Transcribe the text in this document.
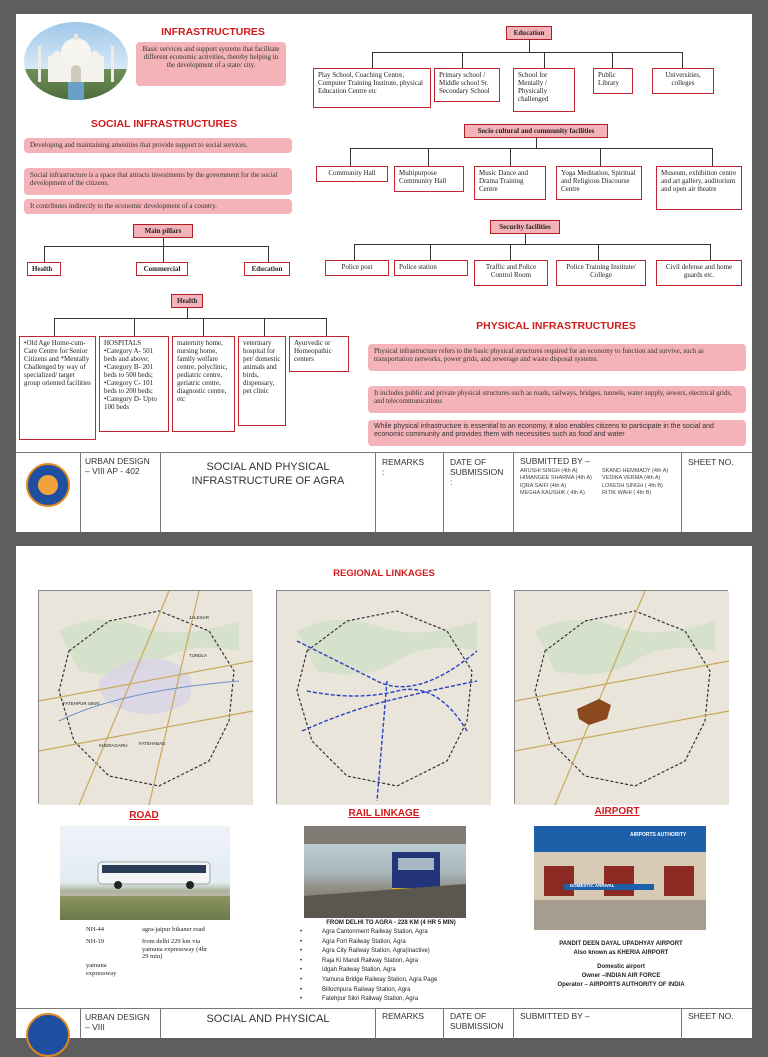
INFRASTRUCTURES
Basic services and support systems that facilitate different economic activities, thereby helping in the development of a state/ city.
SOCIAL INFRASTRUCTURES
Developing and maintaining amenities that provide support to social services.
Social infrastructure is a space that attracts investments by the government for the social development of the citizens.
It contributes indirectly to the economic development of a country.
Main pillars
Health	Commercial	Education
Health
•Old Age Home-cum-Care Centre for Senior Citizens and *Mentally Challenged by way of specialized/ target group oriented facilities
HOSPITALS
•Category A- 501 beds and above;
•Category B- 201 beds to 500 beds;
•Category C- 101 beds to 200 beds;
•Category D- Upto 100 beds
maternity home, nursing home, family welfare centre, polyclinic, pediatric centre, geriatric centre, diagnostic centre, etc
veterinary hospital for pet/ domestic animals and birds, dispensary, pet clinic
Ayurvedic or Homeopathic centers
Education
Play School, Coaching Centre, Computer Training Institute, physical Education Centre etc
Primary school / Middle school Sr. Secondary School
School for Mentally / Physically challenged
Public Library
Universities, colleges
Socio cultural and community facilities
Community Hall	Multipurpose Community Hall
Music Dance and Drama Training Centre
Yoga Meditation, Spiritual and Religious Discourse Centre
Museum, exhibition centre and art gallery, auditorium and open air theatre
Security facilities
Police post	Police station	Traffic and Police Control Room
Police Training Institute/ College
Civil defense and home guards etc.
PHYSICAL INFRASTRUCTURES
Physical infrastructure refers to the basic physical structures required for an economy to function and survive, such as transportation networks, power grids, and sewerage and waste disposal systems.
It includes public and private physical structures such as roads, railways, bridges, tunnels, water supply, sewers, electrical grids, and telecommunications
While physical infrastructure is essential to an economy, it also enables citizens to participate in the social and economic community and provides them with necessities such as food and water
URBAN DESIGN – VIII AP - 402	SOCIAL AND PHYSICAL INFRASTRUCTURE OF AGRA
REMARKS
:
DATE OF SUBMISSION
:
SUBMITTED BY –
ARUSHI SINGH (4th A)	SKAND HEMMADY (4th A)
HIMANGEE SHARMA (4th A)	VEDIKA VERMA (4th A)
IQRA SAIFI (4th A)	LOKESH SINGH ( 4th B)
MEGHA KAUSHIK ( 4th A)	RITIK WAHI ( 4th B)
SHEET NO.
REGIONAL LINKAGES
TUNDLA
JALESAR
FATEHPUR SIKRI
FATEHABAD
KHERAGARH
ROAD
NH-44	agra-jaipur bikaner road
NH-19	from delhi 229 km via yamuna expressway (4hr 29 min)
yamuna expressway
RAIL LINKAGE
FROM DELHI TO AGRA - 228 KM (4 HR 5 MIN)
• Agra Cantonment Railway Station, Agra
• Agra Fort Railway Station, Agra
• Agra City Railway Station, Agra(inactive)
• Raja Ki Mandi Railway Station, Agra
• Idgah Railway Station, Agra
• Yamuna Bridge Railway Station, Agra Page
• Billochpura Railway Station, Agra
• Fatehpur Sikri Railway Station, Agra
AIRPORT
AIRPORTS AUTHORITY
DOMESTIC ARRIVAL
PANDIT DEEN DAYAL UPADHYAY AIRPORT
Also known as KHERIA AIRPORT
Domestic airport
Owner –INDIAN AIR FORCE
Operator – AIRPORTS AUTHORITY OF INDIA
URBAN DESIGN – VIII
SOCIAL AND PHYSICAL	REMARKS	DATE OF SUBMISSION
SUBMITTED BY –	SHEET NO.
